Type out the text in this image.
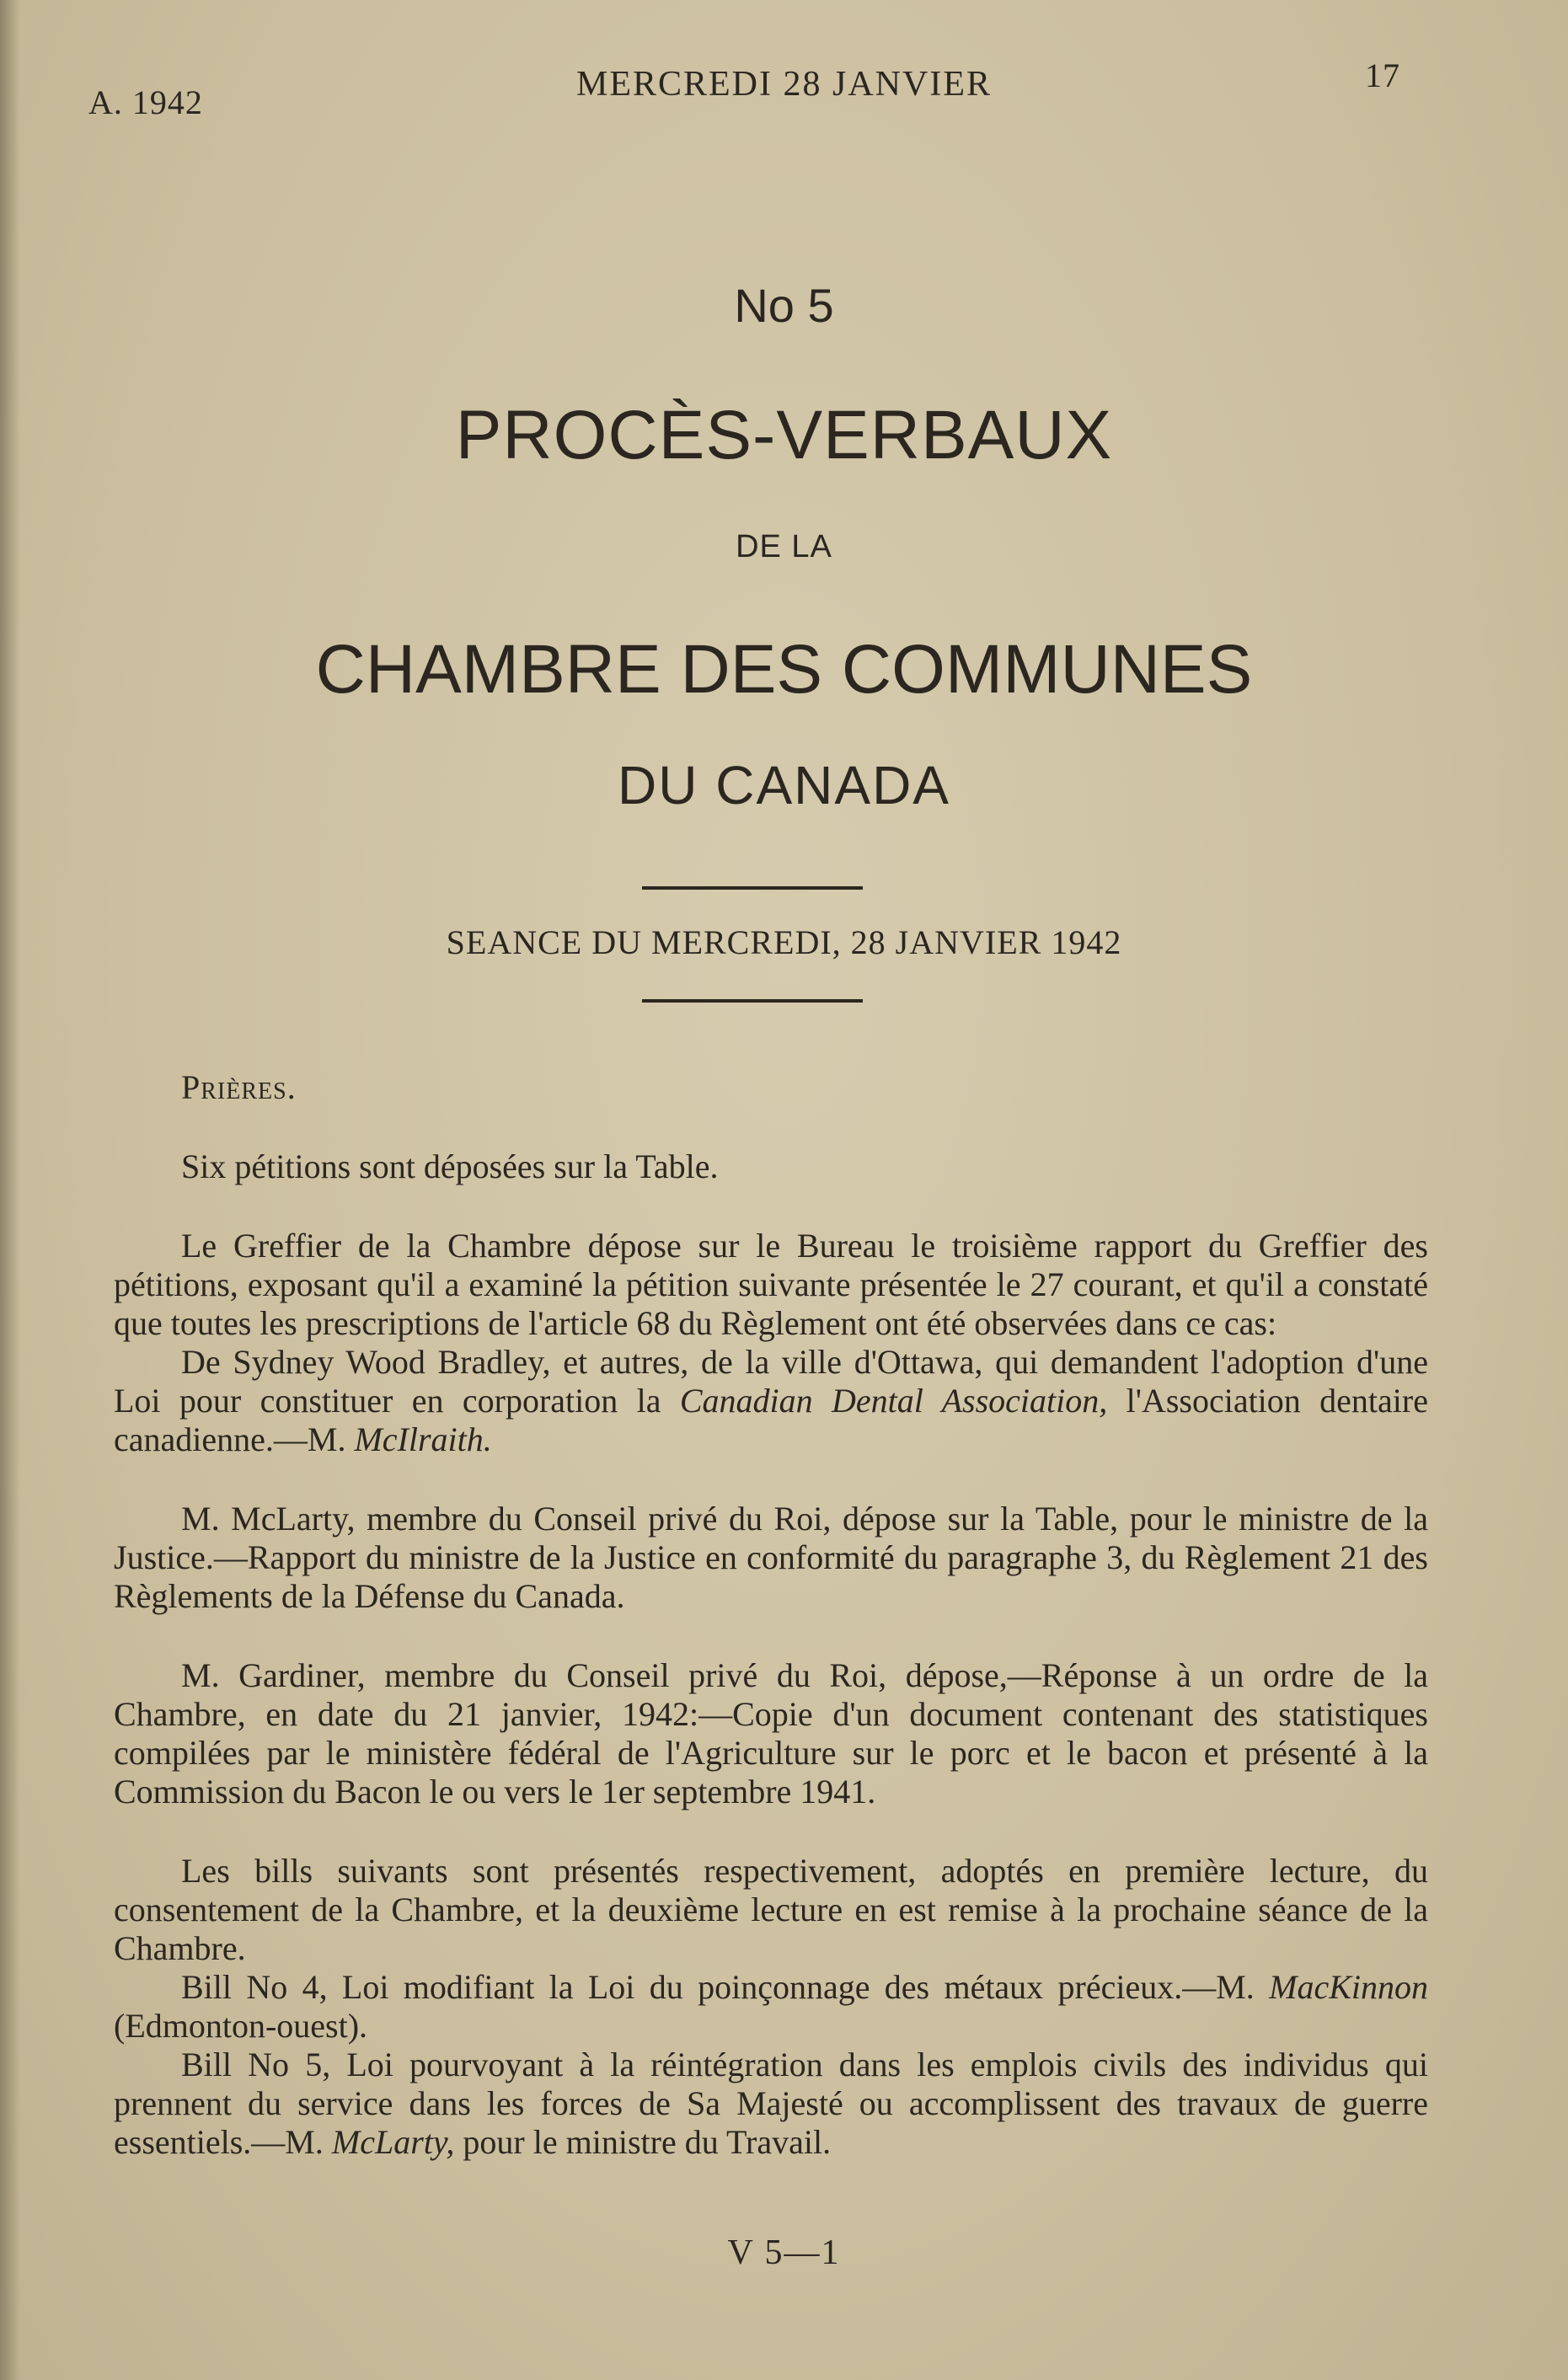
A. 1942	MERCREDI 28 JANVIER	17
No 5
PROCÈS-VERBAUX
DE LA
CHAMBRE DES COMMUNES
DU CANADA
SEANCE DU MERCREDI, 28 JANVIER 1942

Prières.

Six pétitions sont déposées sur la Table.

Le Greffier de la Chambre dépose sur le Bureau le troisième rapport du Greffier des pétitions, exposant qu'il a examiné la pétition suivante présentée le 27 courant, et qu'il a constaté que toutes les prescriptions de l'article 68 du Règlement ont été observées dans ce cas:

De Sydney Wood Bradley, et autres, de la ville d'Ottawa, qui demandent l'adoption d'une Loi pour constituer en corporation la Canadian Dental Association, l'Association dentaire canadienne.—M. McIlraith.

M. McLarty, membre du Conseil privé du Roi, dépose sur la Table, pour le ministre de la Justice.—Rapport du ministre de la Justice en conformité du paragraphe 3, du Règlement 21 des Règlements de la Défense du Canada.

M. Gardiner, membre du Conseil privé du Roi, dépose,—Réponse à un ordre de la Chambre, en date du 21 janvier, 1942:—Copie d'un document contenant des statistiques compilées par le ministère fédéral de l'Agriculture sur le porc et le bacon et présenté à la Commission du Bacon le ou vers le 1er septembre 1941.

Les bills suivants sont présentés respectivement, adoptés en première lecture, du consentement de la Chambre, et la deuxième lecture en est remise à la prochaine séance de la Chambre.

Bill No 4, Loi modifiant la Loi du poinçonnage des métaux précieux.—M. MacKinnon (Edmonton-ouest).

Bill No 5, Loi pourvoyant à la réintégration dans les emplois civils des individus qui prennent du service dans les forces de Sa Majesté ou accomplissent des travaux de guerre essentiels.—M. McLarty, pour le ministre du Travail.

V 5—1
